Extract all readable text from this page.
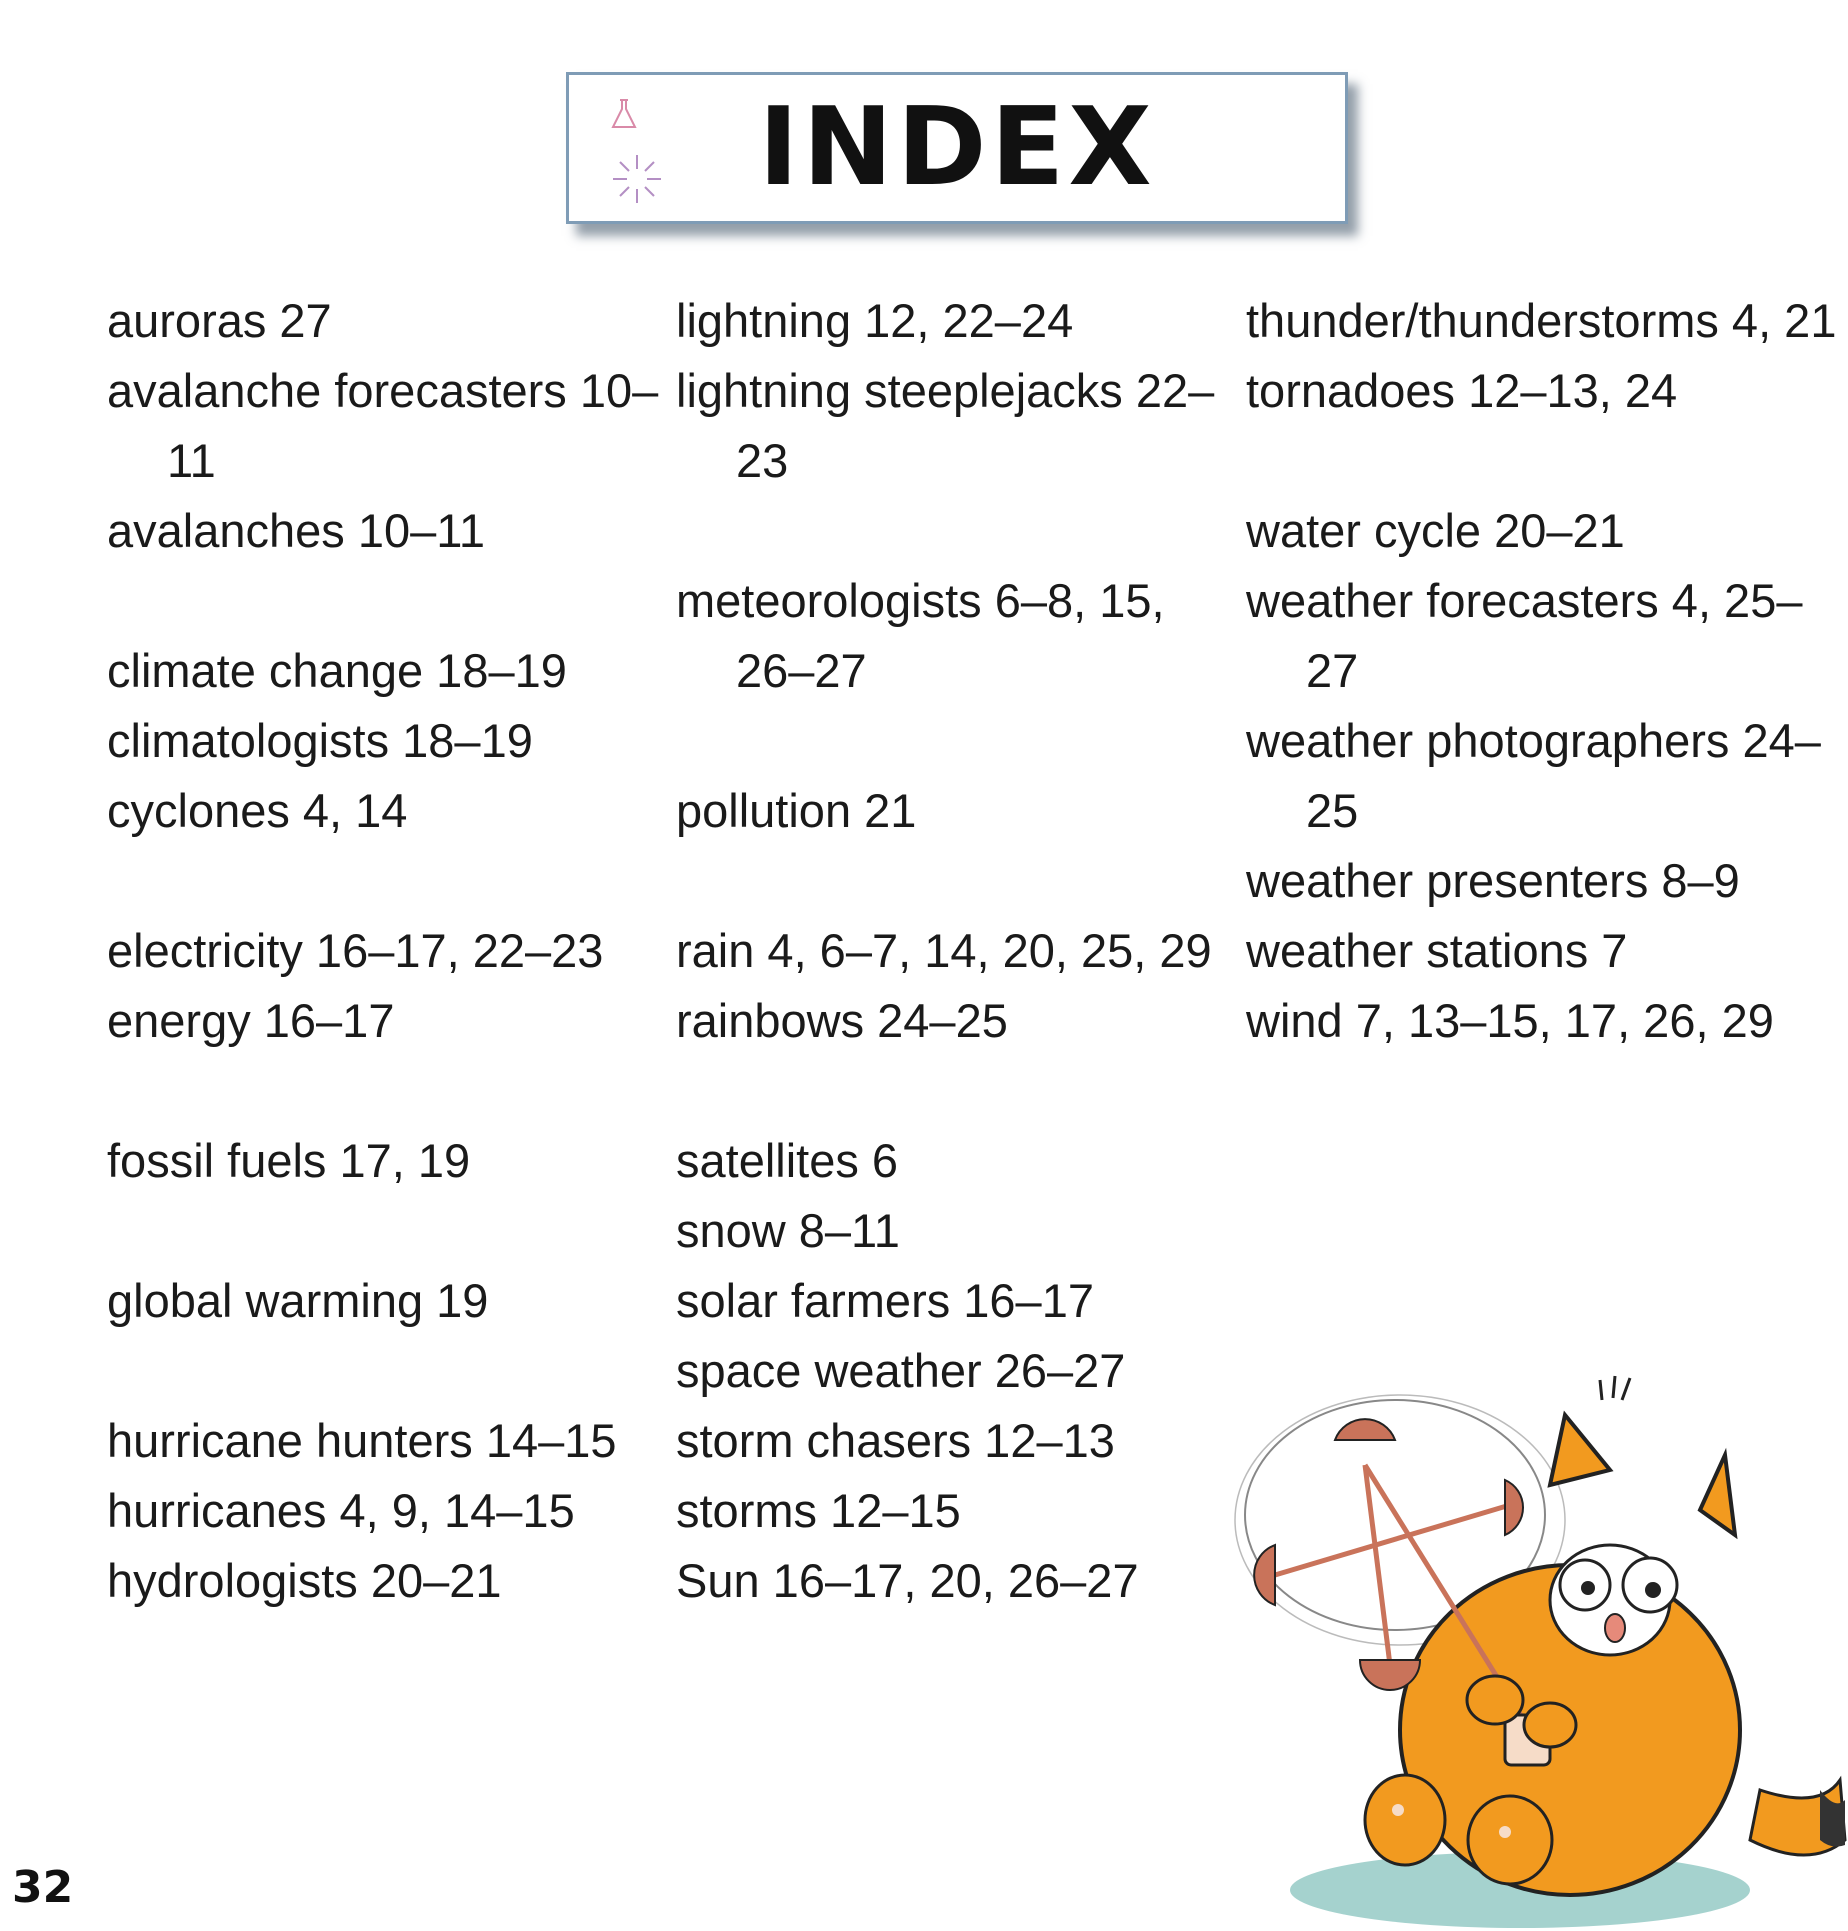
INDEX

auroras 27

avalanche forecasters 10–11

avalanches 10–11

climate change 18–19

climatologists 18–19

cyclones 4, 14

electricity 16–17, 22–23

energy 16–17

fossil fuels 17, 19

global warming 19

hurricane hunters 14–15

hurricanes 4, 9, 14–15

hydrologists 20–21

lightning 12, 22–24

lightning steeplejacks 22–23

meteorologists 6–8, 15, 26–27

pollution 21

rain 4, 6–7, 14, 20, 25, 29

rainbows 24–25

satellites 6

snow 8–11

solar farmers 16–17

space weather 26–27

storm chasers 12–13

storms 12–15

Sun 16–17, 20, 26–27

thunder/thunderstorms 4, 21

tornadoes 12–13, 24

water cycle 20–21

weather forecasters 4, 25–27

weather photographers 24–25

weather presenters 8–9

weather stations 7

wind 7, 13–15, 17, 26, 29

32
